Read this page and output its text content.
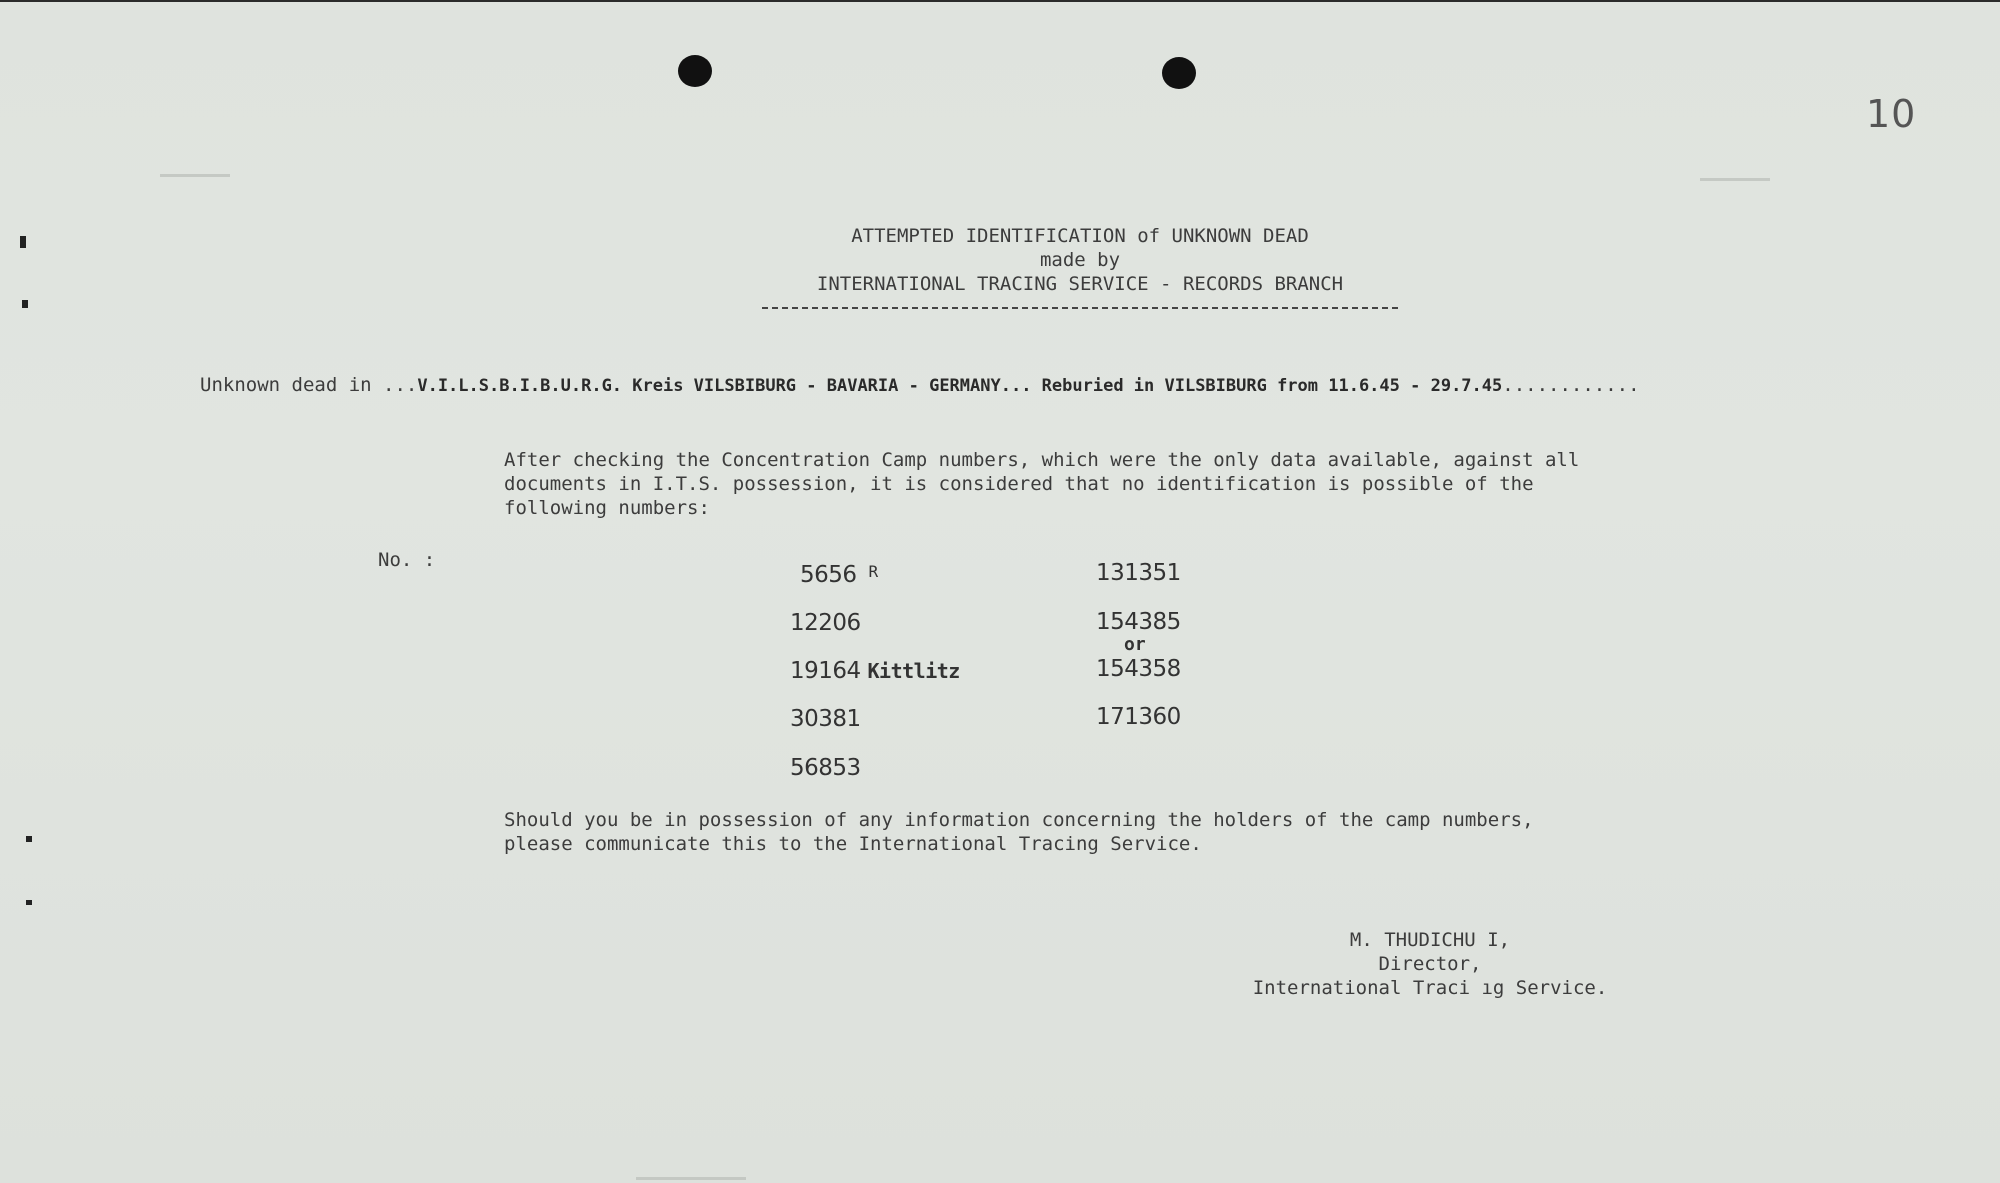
10
ATTEMPTED IDENTIFICATION of UNKNOWN DEAD
made by
INTERNATIONAL TRACING SERVICE - RECORDS BRANCH
Unknown dead in ...V.I.L.S.B.I.B.U.R.G. Kreis VILSBIBURG - BAVARIA - GERMANY... Reburied in VILSBIBURG from 11.6.45 - 29.7.45............
After checking the Concentration Camp numbers, which were the only data available, against all
documents in I.T.S. possession, it is considered that no identification is possible of the
following numbers:
No. :
5656 $^R$
12206
19164 Kittlitz
30381
56853
131351
154385
or
154358
171360
Should you be in possession of any information concerning the holders of the camp numbers,
please communicate this to the International Tracing Service.
M. THUDICHU I,
Director,
International Traci ıg Service.
